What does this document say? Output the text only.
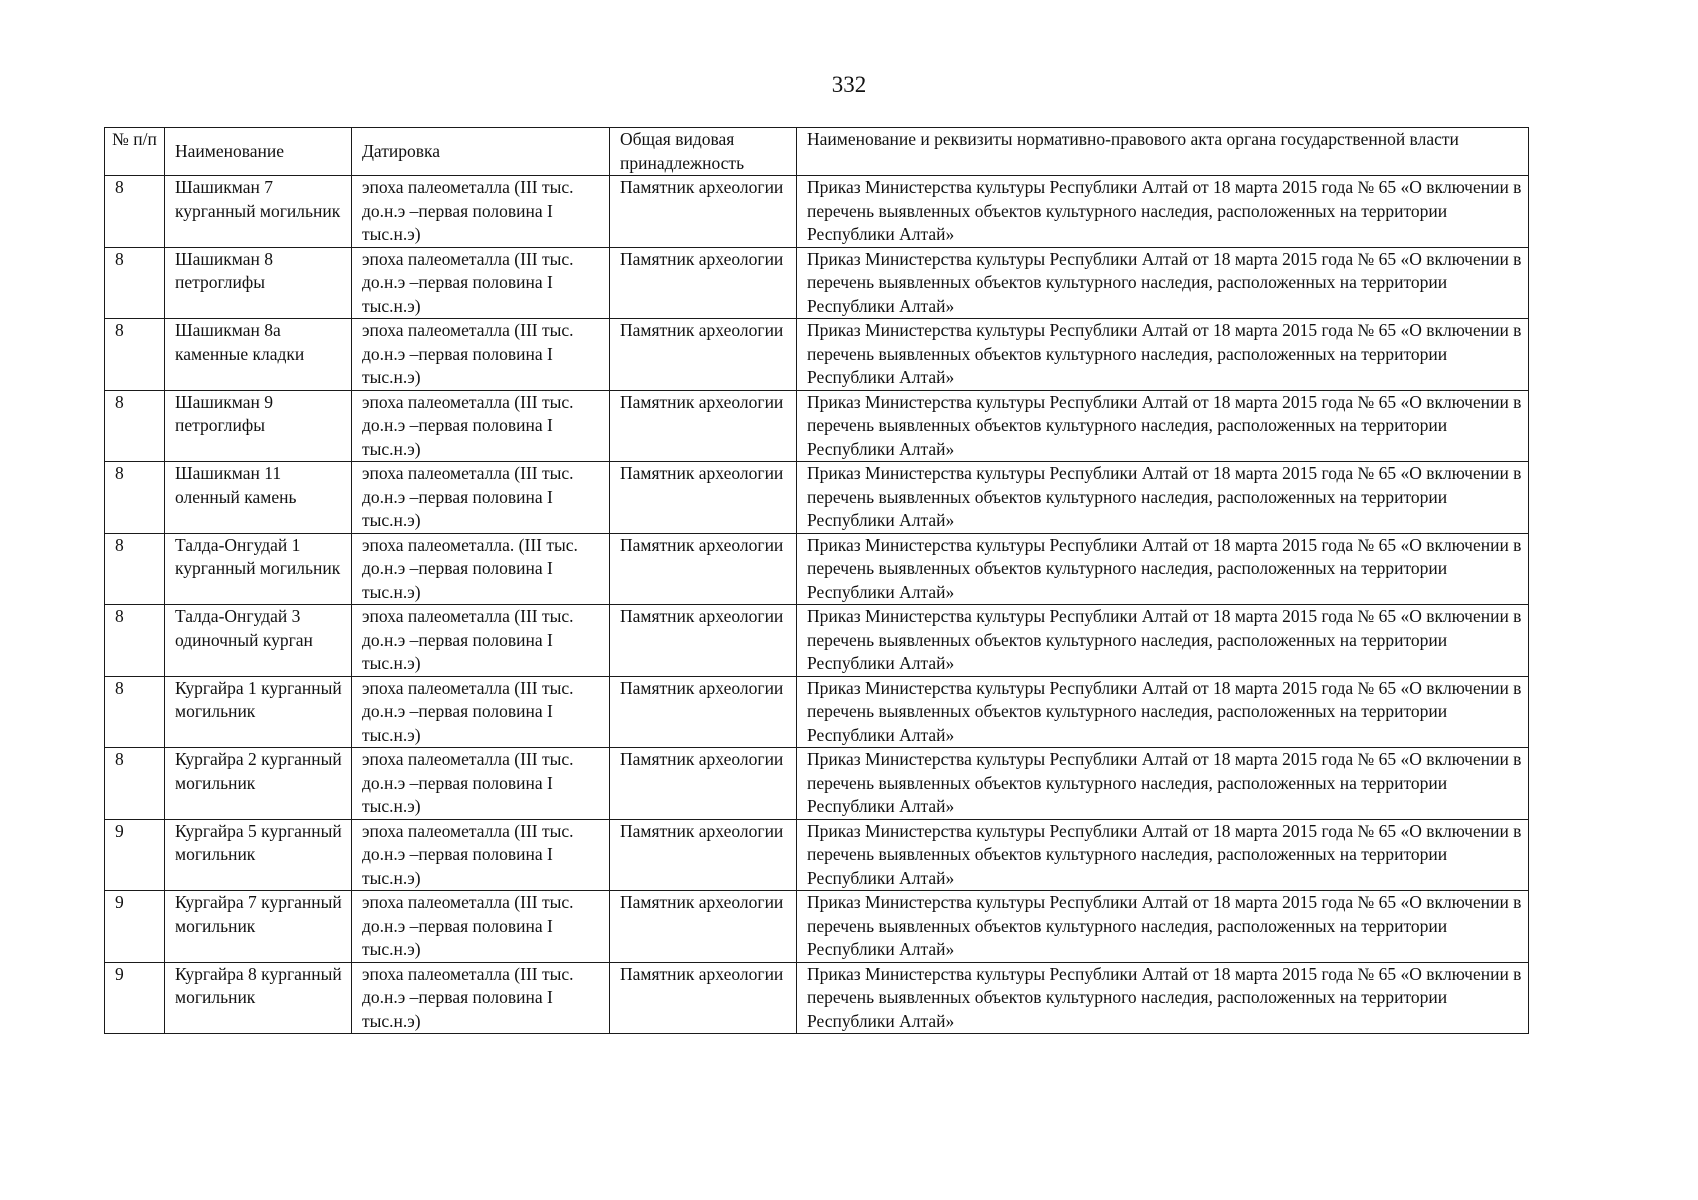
332
№ п/п	Наименование	Датировка	Общая видовая принадлежность	Наименование и реквизиты нормативно-правового акта органа государственной власти
8	Шашикман 7 курганный могильник	эпоха палеометалла (III тыс. до.н.э –первая половина I тыс.н.э)	Памятник археологии	Приказ Министерства культуры Республики Алтай от 18 марта 2015 года № 65 «О включении в перечень выявленных объектов культурного наследия, расположенных на территории Республики Алтай»
8	Шашикман 8 петроглифы	эпоха палеометалла (III тыс. до.н.э –первая половина I тыс.н.э)	Памятник археологии	Приказ Министерства культуры Республики Алтай от 18 марта 2015 года № 65 «О включении в перечень выявленных объектов культурного наследия, расположенных на территории Республики Алтай»
8	Шашикман 8а каменные кладки	эпоха палеометалла (III тыс. до.н.э –первая половина I тыс.н.э)	Памятник археологии	Приказ Министерства культуры Республики Алтай от 18 марта 2015 года № 65 «О включении в перечень выявленных объектов культурного наследия, расположенных на территории Республики Алтай»
8	Шашикман 9 петроглифы	эпоха палеометалла (III тыс. до.н.э –первая половина I тыс.н.э)	Памятник археологии	Приказ Министерства культуры Республики Алтай от 18 марта 2015 года № 65 «О включении в перечень выявленных объектов культурного наследия, расположенных на территории Республики Алтай»
8	Шашикман 11 оленный камень	эпоха палеометалла (III тыс. до.н.э –первая половина I тыс.н.э)	Памятник археологии	Приказ Министерства культуры Республики Алтай от 18 марта 2015 года № 65 «О включении в перечень выявленных объектов культурного наследия, расположенных на территории Республики Алтай»
8	Талда-Онгудай 1 курганный могильник	эпоха палеометалла. (III тыс. до.н.э –первая половина I тыс.н.э)	Памятник археологии	Приказ Министерства культуры Республики Алтай от 18 марта 2015 года № 65 «О включении в перечень выявленных объектов культурного наследия, расположенных на территории Республики Алтай»
8	Талда-Онгудай 3 одиночный курган	эпоха палеометалла (III тыс. до.н.э –первая половина I тыс.н.э)	Памятник археологии	Приказ Министерства культуры Республики Алтай от 18 марта 2015 года № 65 «О включении в перечень выявленных объектов культурного наследия, расположенных на территории Республики Алтай»
8	Кургайра 1 курганный могильник	эпоха палеометалла (III тыс. до.н.э –первая половина I тыс.н.э)	Памятник археологии	Приказ Министерства культуры Республики Алтай от 18 марта 2015 года № 65 «О включении в перечень выявленных объектов культурного наследия, расположенных на территории Республики Алтай»
8	Кургайра 2 курганный могильник	эпоха палеометалла (III тыс. до.н.э –первая половина I тыс.н.э)	Памятник археологии	Приказ Министерства культуры Республики Алтай от 18 марта 2015 года № 65 «О включении в перечень выявленных объектов культурного наследия, расположенных на территории Республики Алтай»
9	Кургайра 5 курганный могильник	эпоха палеометалла (III тыс. до.н.э –первая половина I тыс.н.э)	Памятник археологии	Приказ Министерства культуры Республики Алтай от 18 марта 2015 года № 65 «О включении в перечень выявленных объектов культурного наследия, расположенных на территории Республики Алтай»
9	Кургайра 7 курганный могильник	эпоха палеометалла (III тыс. до.н.э –первая половина I тыс.н.э)	Памятник археологии	Приказ Министерства культуры Республики Алтай от 18 марта 2015 года № 65 «О включении в перечень выявленных объектов культурного наследия, расположенных на территории Республики Алтай»
9	Кургайра 8 курганный могильник	эпоха палеометалла (III тыс. до.н.э –первая половина I тыс.н.э)	Памятник археологии	Приказ Министерства культуры Республики Алтай от 18 марта 2015 года № 65 «О включении в перечень выявленных объектов культурного наследия, расположенных на территории Республики Алтай»
